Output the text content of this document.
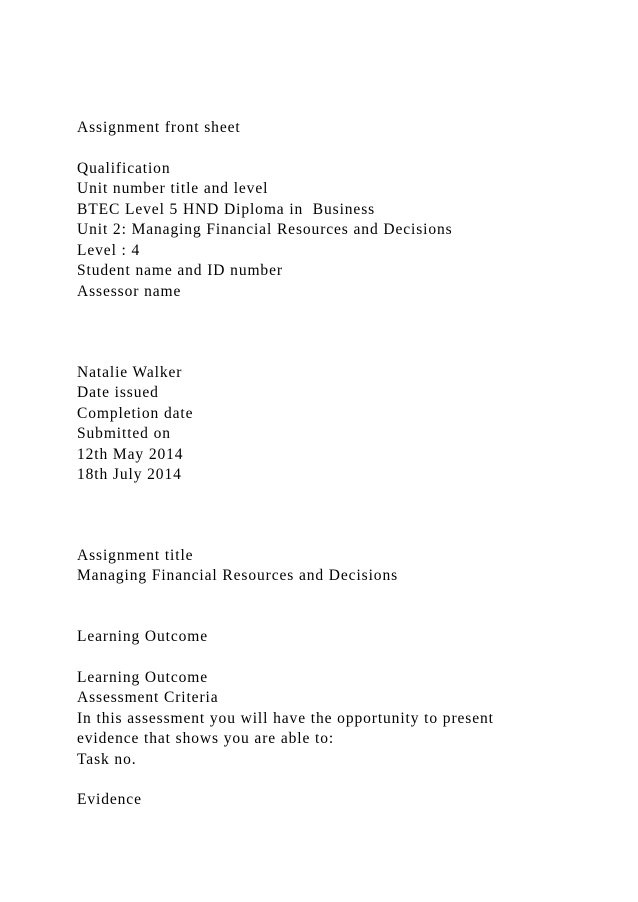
Assignment front sheet
Qualification
Unit number title and level
BTEC Level 5 HND Diploma in  Business
Unit 2: Managing Financial Resources and Decisions
Level : 4
Student name and ID number
Assessor name
Natalie Walker
Date issued
Completion date
Submitted on
12th May 2014
18th July 2014
Assignment title
Managing Financial Resources and Decisions
Learning Outcome
Learning Outcome
Assessment Criteria
In this assessment you will have the opportunity to present
evidence that shows you are able to:
Task no.
Evidence
